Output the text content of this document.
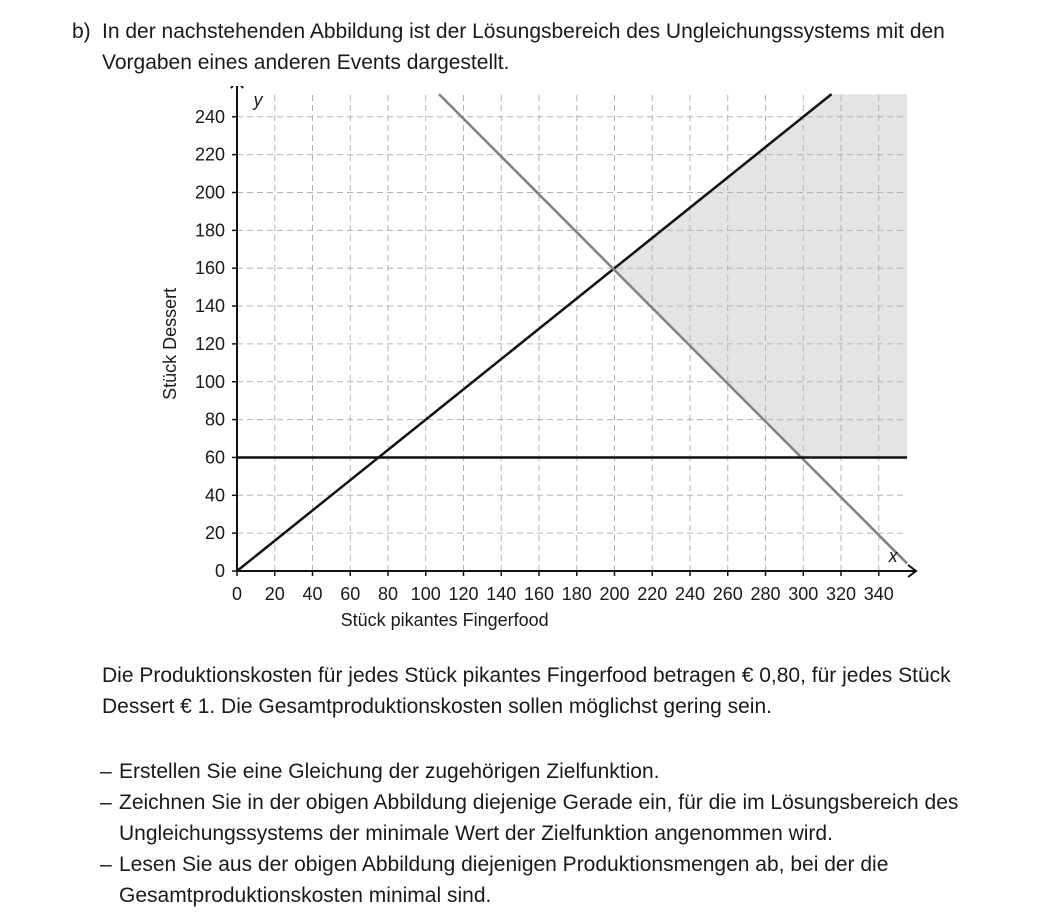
b) In der nachstehenden Abbildung ist der Lösungsbereich des Ungleichungssystems mit den Vorgaben eines anderen Events dargestellt.
0 20 40 60 80 100 120 140 160 180 200 220 240 260 280 300 320 340
0
20
40
60
80
100
120
140
160
180
200
220
240
x
y
Stück pikantes Fingerfood
Stück Dessert
Die Produktionskosten für jedes Stück pikantes Fingerfood betragen € 0,80, für jedes Stück Dessert € 1. Die Gesamtproduktionskosten sollen möglichst gering sein.
– Erstellen Sie eine Gleichung der zugehörigen Zielfunktion.
– Zeichnen Sie in der obigen Abbildung diejenige Gerade ein, für die im Lösungsbereich des Ungleichungssystems der minimale Wert der Zielfunktion angenommen wird.
– Lesen Sie aus der obigen Abbildung diejenigen Produktionsmengen ab, bei der die Gesamtproduktionskosten minimal sind.
